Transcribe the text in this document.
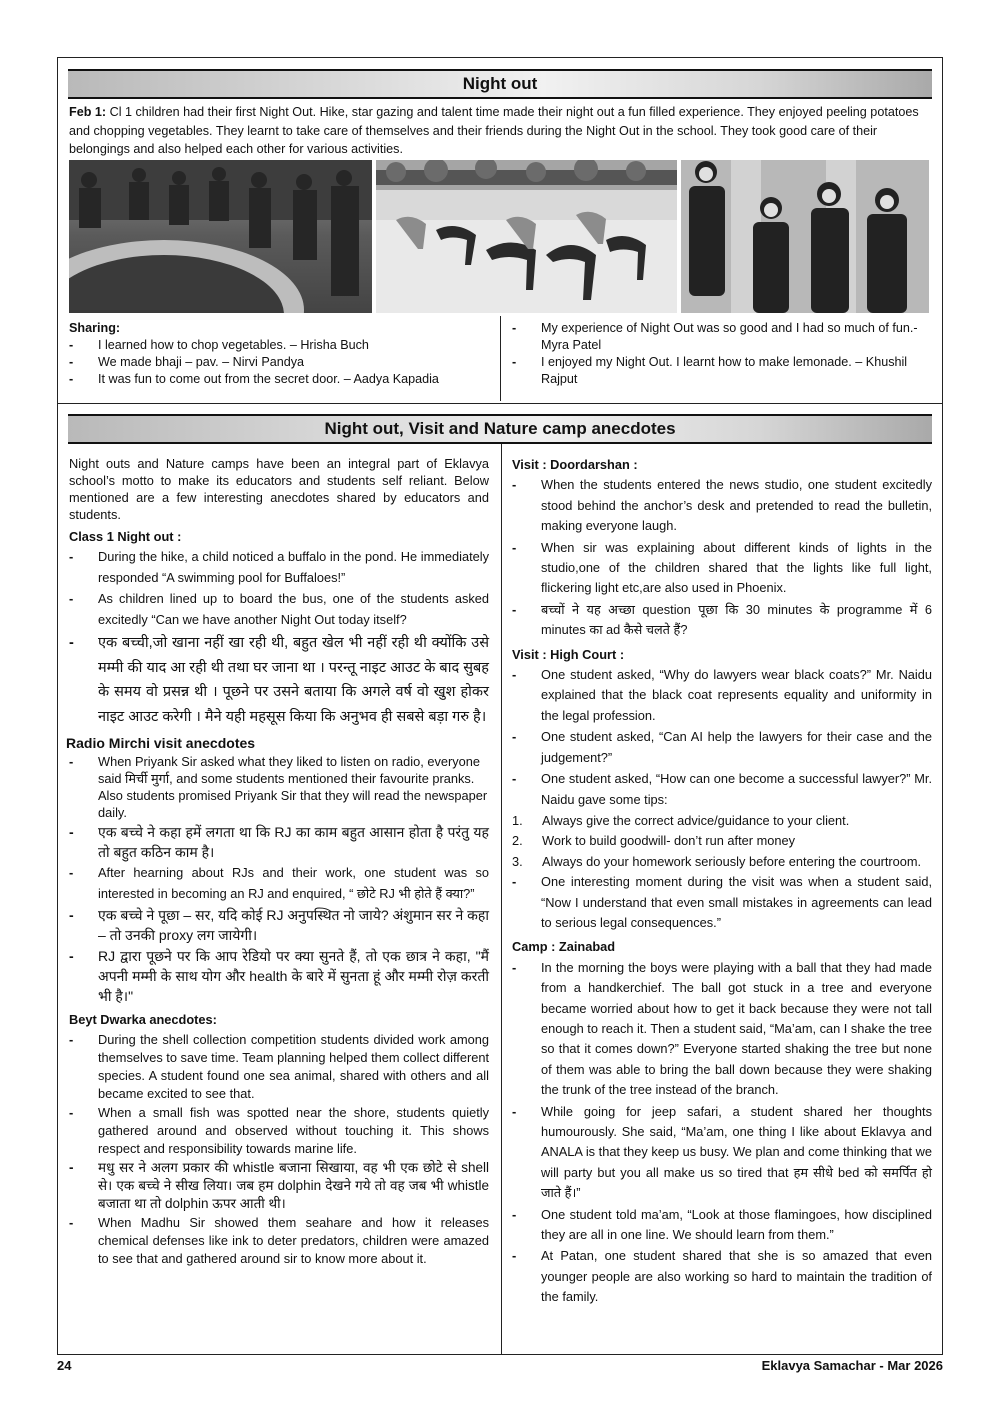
Night out
Feb 1: Cl 1 children had their first Night Out. Hike, star gazing and talent time made their night out a fun filled experience. They enjoyed peeling potatoes and chopping vegetables. They learnt to take care of themselves and their friends during the Night Out in the school. They took good care of their belongings and also helped each other for various activities.
Sharing:
- I learned how to chop vegetables. – Hrisha Buch
- We made bhaji – pav. – Nirvi Pandya
- It was fun to come out from the secret door. – Aadya Kapadia
- My experience of Night Out was so good and I had so much of fun.- Myra Patel
- I enjoyed my Night Out. I learnt how to make lemonade. – Khushil Rajput
Night out, Visit and Nature camp anecdotes
Night outs and Nature camps have been an integral part of Eklavya school’s motto to make its educators and students self reliant. Below mentioned are a few interesting anecdotes shared by educators and students.
Class 1 Night out :
- During the hike, a child noticed a buffalo in the pond. He immediately responded “A swimming pool for Buffaloes!”
- As children lined up to board the bus, one of the students asked excitedly “Can we have another Night Out today itself?
- एक बच्ची,जो खाना नहीं खा रही थी, बहुत खेल भी नहीं रही थी क्योंकि उसे मम्मी की याद आ रही थी तथा घर जाना था । परन्तू नाइट आउट के बाद सुबह के समय वो प्रसन्न थी । पूछने पर उसने बताया कि अगले वर्ष वो खुश होकर नाइट आउट करेगी । मैने यही महसूस किया कि अनुभव ही सबसे बड़ा गरु है।
Radio Mirchi visit anecdotes
- When Priyank Sir asked what they liked to listen on radio, everyone said मिर्ची मुर्गा, and some students mentioned their favourite pranks. Also students promised Priyank Sir that they will read the newspaper daily.
- एक बच्चे ने कहा हमें लगता था कि RJ का काम बहुत आसान होता है परंतु यह तो बहुत कठिन काम है।
- After hearning about RJs and their work, one student was so interested in becoming an RJ and enquired, “ छोटे RJ भी होते हैं क्या?”
- एक बच्चे ने पूछा – सर, यदि कोई RJ अनुपस्थित नो जाये? अंशुमान सर ने कहा – तो उनकी proxy लग जायेगी।
- RJ द्वारा पूछने पर कि आप रेडियो पर क्या सुनते हैं, तो एक छात्र ने कहा, "मैं अपनी मम्मी के साथ योग और health के बारे में सुनता हूं और मम्मी रोज़ करती भी है।"
Beyt Dwarka anecdotes:
- During the shell collection competition students divided work among themselves to save time. Team planning helped them collect different species. A student found one sea animal, shared with others and all became excited to see that.
- When a small fish was spotted near the shore, students quietly gathered around and observed without touching it. This shows respect and responsibility towards marine life.
- मधु सर ने अलग प्रकार की whistle बजाना सिखाया, वह भी एक छोटे से shell से। एक बच्चे ने सीख लिया। जब हम dolphin देखने गये तो वह जब भी whistle बजाता था तो dolphin ऊपर आती थी।
- When Madhu Sir showed them seahare and how it releases chemical defenses like ink to deter predators, children were amazed to see that and gathered around sir to know more about it.
Visit : Doordarshan :
- When the students entered the news studio, one student excitedly stood behind the anchor’s desk and pretended to read the bulletin, making everyone laugh.
- When sir was explaining about different kinds of lights in the studio,one of the children shared that the lights like full light, flickering light etc,are also used in Phoenix.
- बच्चों ने यह अच्छा question पूछा कि 30 minutes के programme में 6 minutes का ad कैसे चलते हैं?
Visit : High Court :
- One student asked, “Why do lawyers wear black coats?” Mr. Naidu explained that the black coat represents equality and uniformity in the legal profession.
- One student asked, “Can AI help the lawyers for their case and the judgement?”
- One student asked, “How can one become a successful lawyer?” Mr. Naidu gave some tips:
1. Always give the correct advice/guidance to your client.
2. Work to build goodwill- don’t run after money
3. Always do your homework seriously before entering the courtroom.
- One interesting moment during the visit was when a student said, “Now I understand that even small mistakes in agreements can lead to serious legal consequences.”
Camp : Zainabad
- In the morning the boys were playing with a ball that they had made from a handkerchief. The ball got stuck in a tree and everyone became worried about how to get it back because they were not tall enough to reach it. Then a student said, “Ma’am, can I shake the tree so that it comes down?” Everyone started shaking the tree but none of them was able to bring the ball down because they were shaking the trunk of the tree instead of the branch.
- While going for jeep safari, a student shared her thoughts humourously. She said, “Ma’am, one thing I like about Eklavya and ANALA is that they keep us busy. We plan and come thinking that we will party but you all make us so tired that हम सीधे bed को समर्पित हो जाते हैं।”
- One student told ma’am, “Look at those flamingoes, how disciplined they are all in one line. We should learn from them.”
- At Patan, one student shared that she is so amazed that even younger people are also working so hard to maintain the tradition of the family.
24	Eklavya Samachar - Mar 2026
